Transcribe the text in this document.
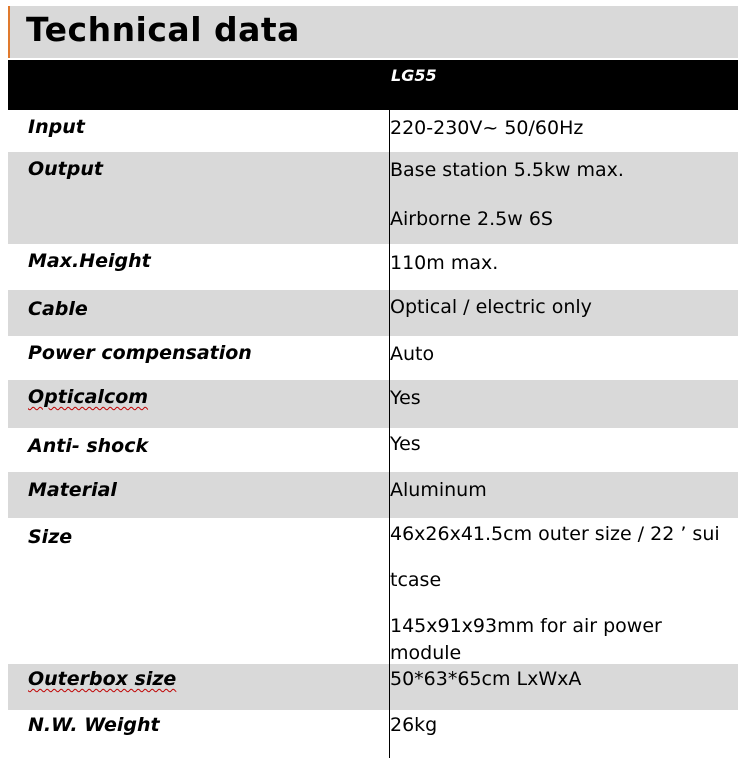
Technical data
LG55
Input	220-230V~ 50/60Hz
Output	Base station 5.5kw max.
Airborne 2.5w 6S
Max.Height	110m max.
Cable	Optical / electric only
Power compensation	Auto
Opticalcom	Yes
Anti- shock	Yes
Material	Aluminum
Size	46x26x41.5cm outer size / 22 ’ sui
tcase
145x91x93mm for air power
module
Outerbox size	50*63*65cm LxWxA
N.W. Weight	26kg
